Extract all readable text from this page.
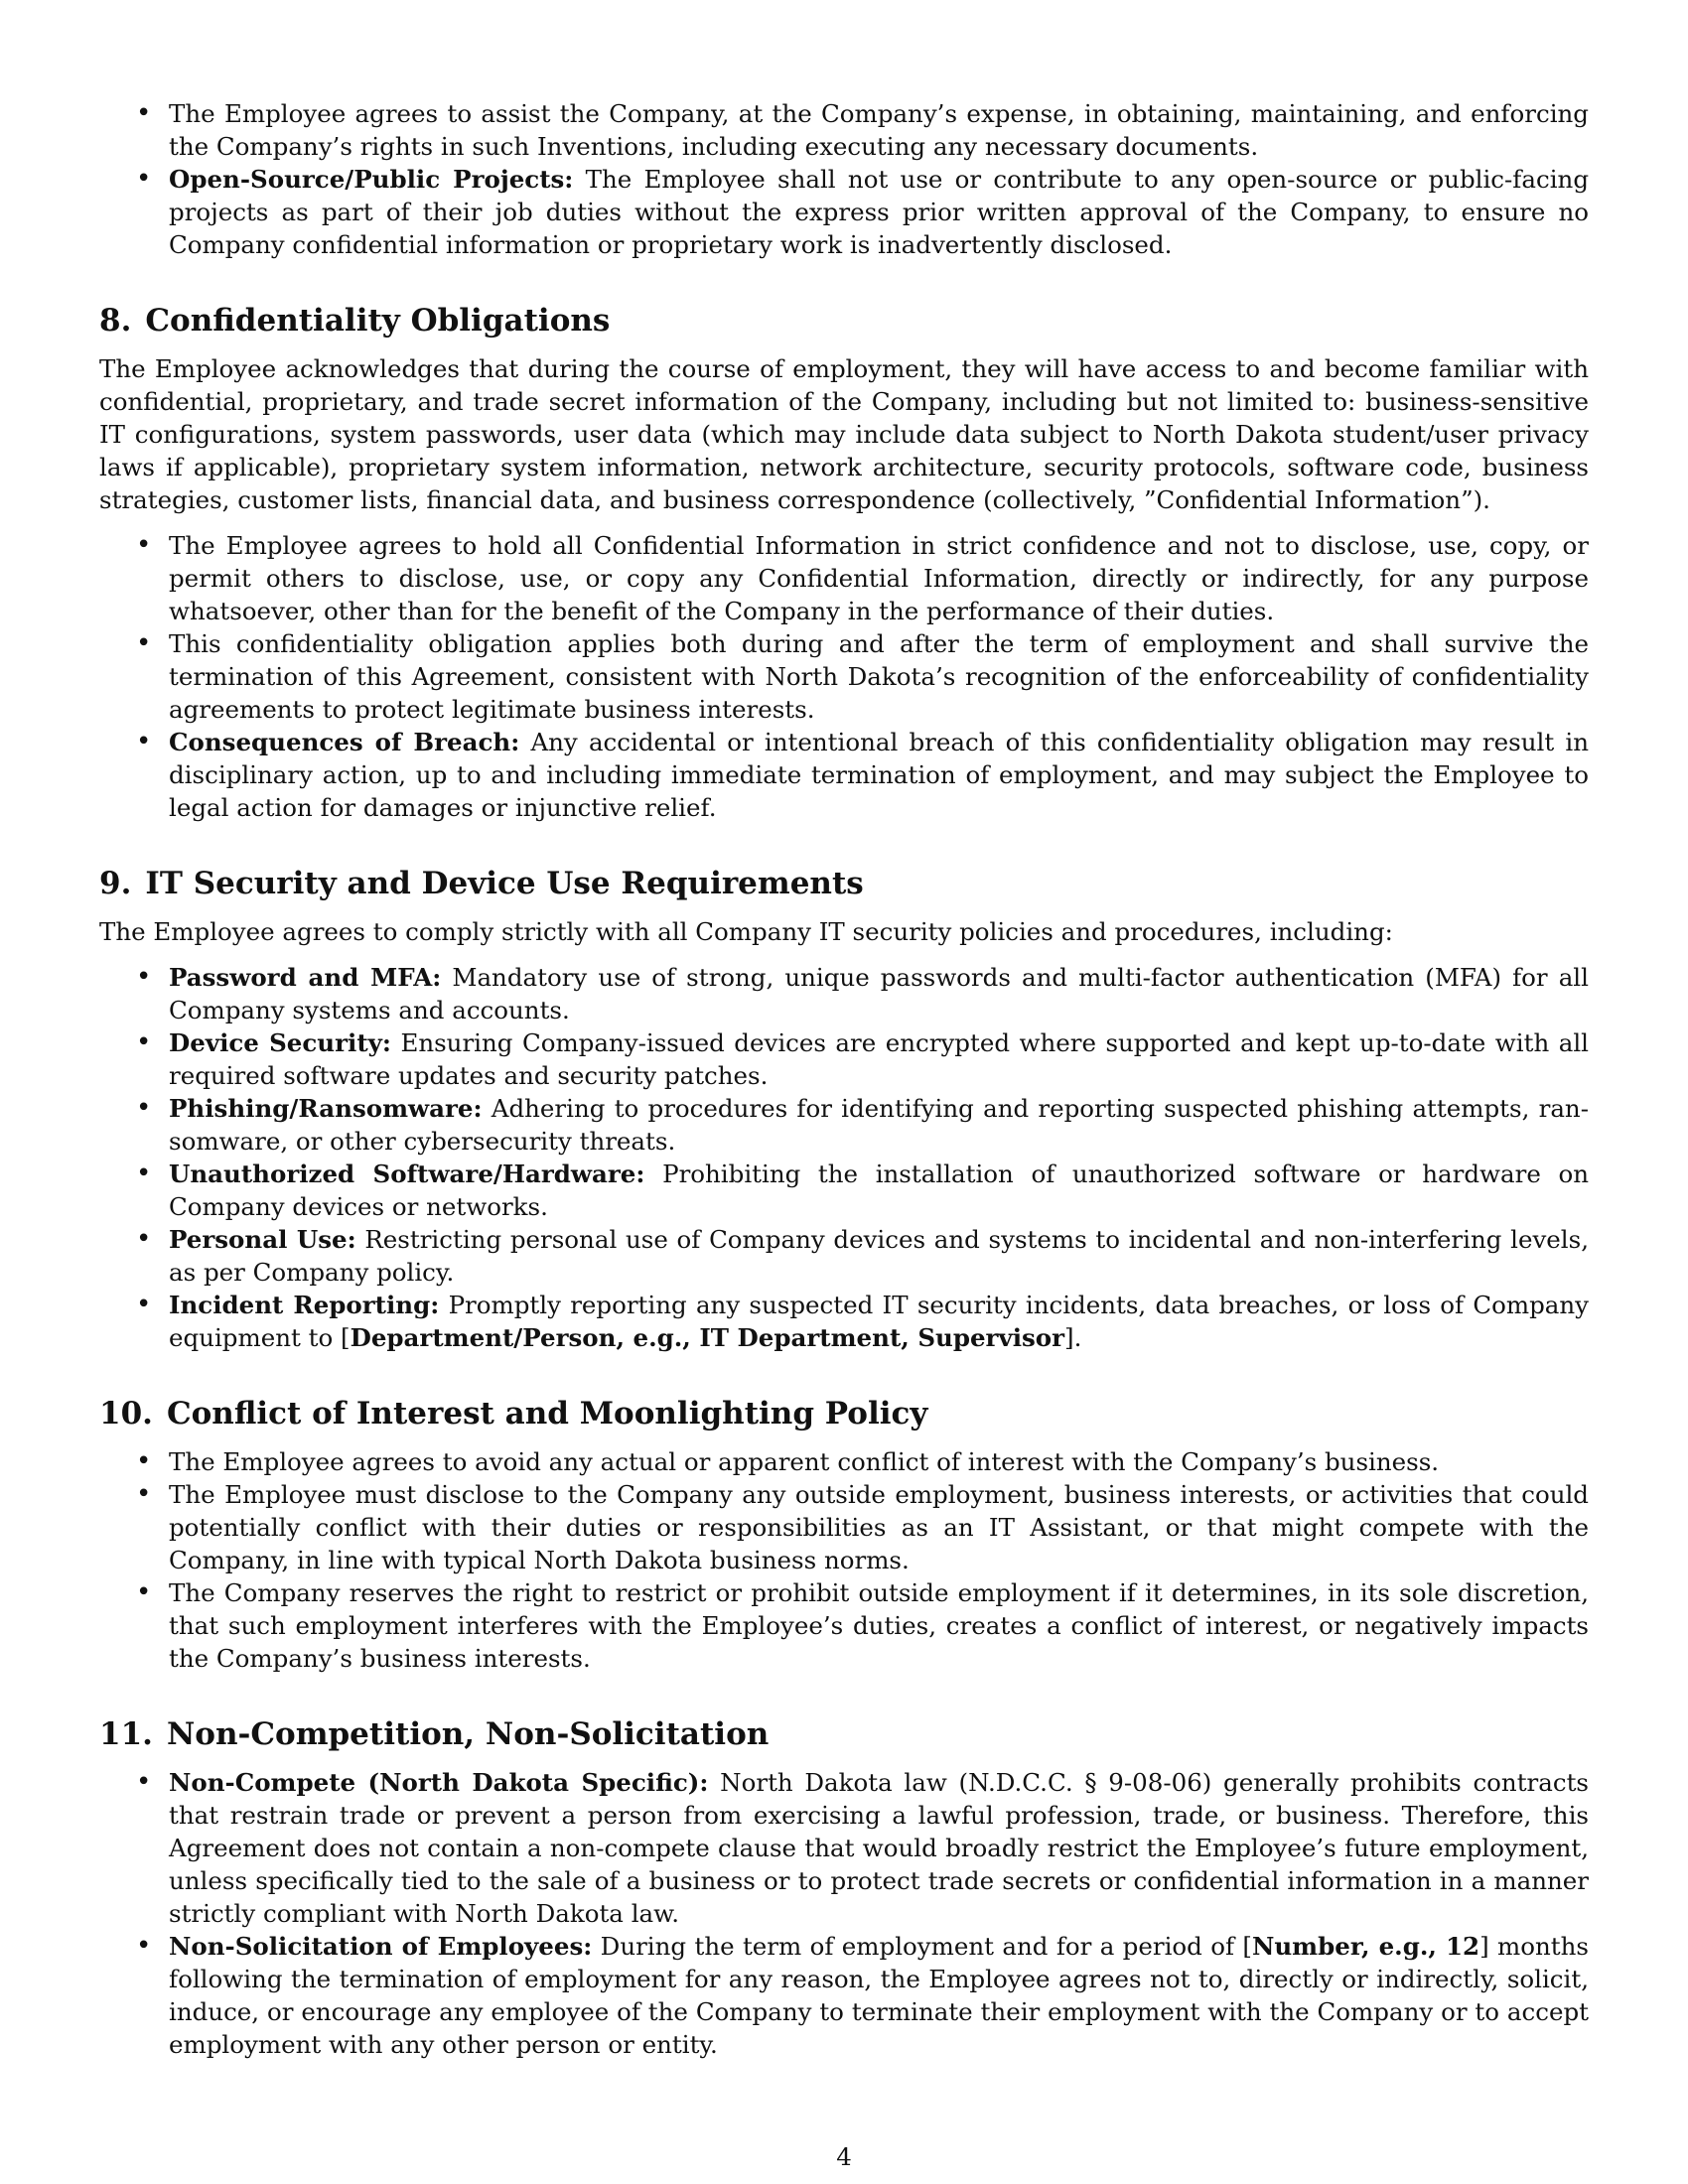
• The Employee agrees to assist the Company, at the Company’s expense, in obtaining, maintaining, and enforcing the Company’s rights in such Inventions, including executing any necessary documents.
• Open-Source/Public Projects: The Employee shall not use or contribute to any open-source or public-facing projects as part of their job duties without the express prior written approval of the Company, to ensure no Company confidential information or proprietary work is inadvertently disclosed.
8. Confidentiality Obligations

The Employee acknowledges that during the course of employment, they will have access to and become familiar with confidential, proprietary, and trade secret information of the Company, including but not limited to: business-sensitive IT configurations, system passwords, user data (which may include data subject to North Dakota student/user privacy laws if applicable), proprietary system information, network architecture, security protocols, software code, business strategies, customer lists, financial data, and business correspondence (collectively, ”Confidential Information”).

• The Employee agrees to hold all Confidential Information in strict confidence and not to disclose, use, copy, or permit others to disclose, use, or copy any Confidential Information, directly or indirectly, for any purpose whatsoever, other than for the benefit of the Company in the performance of their duties.
• This confidentiality obligation applies both during and after the term of employment and shall survive the termination of this Agreement, consistent with North Dakota’s recognition of the enforceability of confidentiality agreements to protect legitimate business interests.
• Consequences of Breach: Any accidental or intentional breach of this confidentiality obligation may result in disciplinary action, up to and including immediate termination of employment, and may subject the Employee to legal action for damages or injunctive relief.
9. IT Security and Device Use Requirements

The Employee agrees to comply strictly with all Company IT security policies and procedures, including:

• Password and MFA: Mandatory use of strong, unique passwords and multi-factor authentication (MFA) for all Company systems and accounts.
• Device Security: Ensuring Company-issued devices are encrypted where supported and kept up-to-date with all required software updates and security patches.
• Phishing/Ransomware: Adhering to procedures for identifying and reporting suspected phishing attempts, ransomware, or other cybersecurity threats.
• Unauthorized Software/Hardware: Prohibiting the installation of unauthorized software or hardware on Company devices or networks.
• Personal Use: Restricting personal use of Company devices and systems to incidental and non-interfering levels, as per Company policy.
• Incident Reporting: Promptly reporting any suspected IT security incidents, data breaches, or loss of Company equipment to [Department/Person, e.g., IT Department, Supervisor].
10. Conflict of Interest and Moonlighting Policy
• The Employee agrees to avoid any actual or apparent conflict of interest with the Company’s business.
• The Employee must disclose to the Company any outside employment, business interests, or activities that could potentially conflict with their duties or responsibilities as an IT Assistant, or that might compete with the Company, in line with typical North Dakota business norms.
• The Company reserves the right to restrict or prohibit outside employment if it determines, in its sole discretion, that such employment interferes with the Employee’s duties, creates a conflict of interest, or negatively impacts the Company’s business interests.
11. Non-Competition, Non-Solicitation
• Non-Compete (North Dakota Specific): North Dakota law (N.D.C.C. § 9-08-06) generally prohibits contracts that restrain trade or prevent a person from exercising a lawful profession, trade, or business. Therefore, this Agreement does not contain a non-compete clause that would broadly restrict the Employee’s future employment, unless specifically tied to the sale of a business or to protect trade secrets or confidential information in a manner strictly compliant with North Dakota law.
• Non-Solicitation of Employees: During the term of employment and for a period of [Number, e.g., 12] months following the termination of employment for any reason, the Employee agrees not to, directly or indirectly, solicit, induce, or encourage any employee of the Company to terminate their employment with the Company or to accept employment with any other person or entity.
4
